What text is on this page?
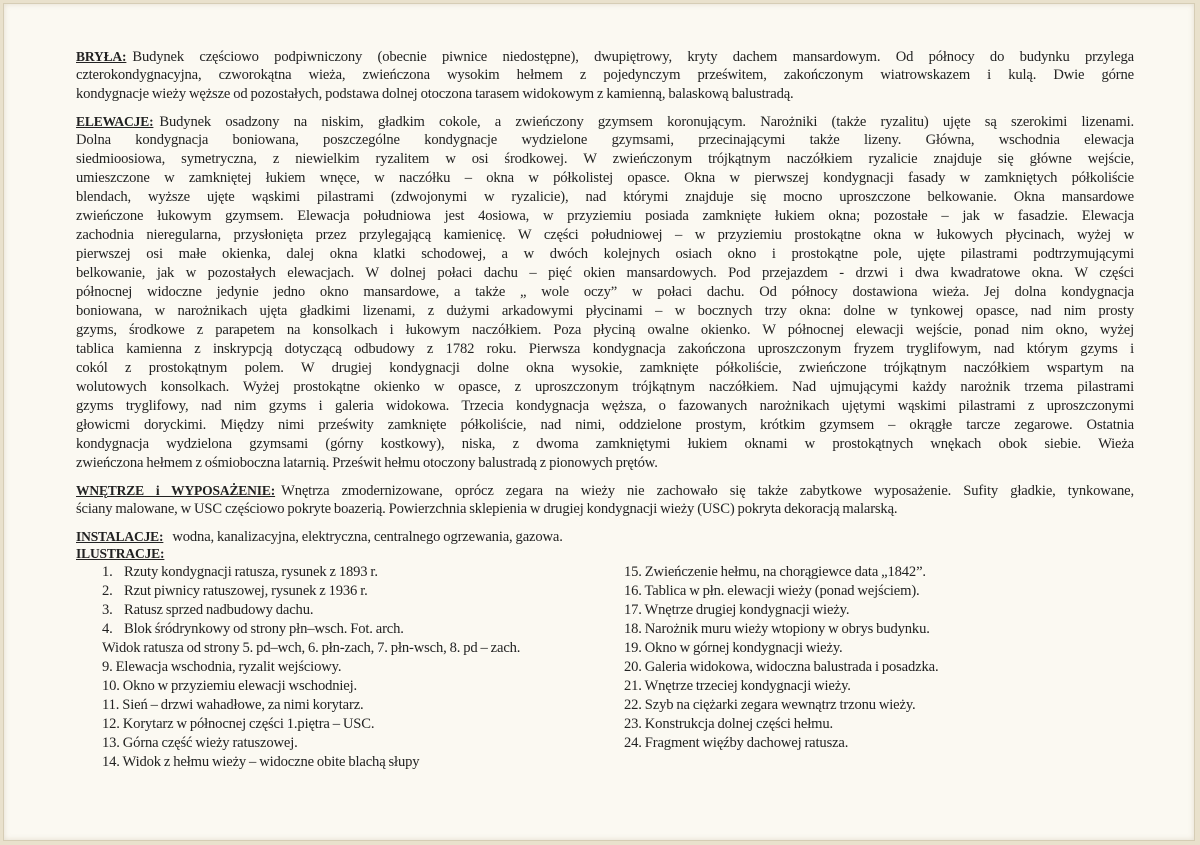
BRYŁA: Budynek częściowo podpiwniczony (obecnie piwnice niedostępne), dwupiętrowy, kryty dachem mansardowym. Od północy do budynku przylega
czterokondygnacyjna, czworokątna wieża, zwieńczona wysokim hełmem z pojedynczym prześwitem, zakończonym wiatrowskazem i kulą. Dwie górne
kondygnacje wieży węższe od pozostałych, podstawa dolnej otoczona tarasem widokowym z kamienną, balaskową balustradą.
ELEWACJE: Budynek osadzony na niskim, gładkim cokole, a zwieńczony gzymsem koronującym. Narożniki (także ryzalitu) ujęte są szerokimi lizenami.
Dolna kondygnacja boniowana, poszczególne kondygnacje wydzielone gzymsami, przecinającymi także lizeny. Główna, wschodnia elewacja
siedmioosiowa, symetryczna, z niewielkim ryzalitem w osi środkowej. W zwieńczonym trójkątnym naczółkiem ryzalicie znajduje się główne wejście,
umieszczone w zamkniętej łukiem wnęce, w naczółku – okna w półkolistej opasce. Okna w pierwszej kondygnacji fasady w zamkniętych półkoliście
blendach, wyższe ujęte wąskimi pilastrami (zdwojonymi w ryzalicie), nad którymi znajduje się mocno uproszczone belkowanie. Okna mansardowe
zwieńczone łukowym gzymsem. Elewacja południowa jest 4osiowa, w przyziemiu posiada zamknięte łukiem okna; pozostałe – jak w fasadzie. Elewacja
zachodnia nieregularna, przysłonięta przez przylegającą kamienicę. W części południowej – w przyziemiu prostokątne okna w łukowych płycinach, wyżej w
pierwszej osi małe okienka, dalej okna klatki schodowej, a w dwóch kolejnych osiach okno i prostokątne pole, ujęte pilastrami podtrzymującymi
belkowanie, jak w pozostałych elewacjach. W dolnej połaci dachu – pięć okien mansardowych. Pod przejazdem - drzwi i dwa kwadratowe okna. W części
północnej widoczne jedynie jedno okno mansardowe, a także „ wole oczy” w połaci dachu. Od północy dostawiona wieża. Jej dolna kondygnacja
boniowana, w narożnikach ujęta gładkimi lizenami, z dużymi arkadowymi płycinami – w bocznych trzy okna: dolne w tynkowej opasce, nad nim prosty
gzyms, środkowe z parapetem na konsolkach i łukowym naczółkiem. Poza płyciną owalne okienko. W północnej elewacji wejście, ponad nim okno, wyżej
tablica kamienna z inskrypcją dotyczącą odbudowy z 1782 roku. Pierwsza kondygnacja zakończona uproszczonym fryzem tryglifowym, nad którym gzyms i
cokól z prostokątnym polem. W drugiej kondygnacji dolne okna wysokie, zamknięte półkoliście, zwieńczone trójkątnym naczółkiem wspartym na
wolutowych konsolkach. Wyżej prostokątne okienko w opasce, z uproszczonym trójkątnym naczółkiem. Nad ujmującymi każdy narożnik trzema pilastrami
gzyms tryglifowy, nad nim gzyms i galeria widokowa. Trzecia kondygnacja węższa, o fazowanych narożnikach ujętymi wąskimi pilastrami z uproszczonymi
głowicmi doryckimi. Między nimi prześwity zamknięte półkoliście, nad nimi, oddzielone prostym, krótkim gzymsem – okrągłe tarcze zegarowe. Ostatnia
kondygnacja wydzielona gzymsami (górny kostkowy), niska, z dwoma zamkniętymi łukiem oknami w prostokątnych wnękach obok siebie. Wieża
zwieńczona hełmem z ośmioboczna latarnią. Prześwit hełmu otoczony balustradą z pionowych prętów.
WNĘTRZE i WYPOSAŻENIE: Wnętrza zmodernizowane, oprócz zegara na wieży nie zachowało się także zabytkowe wyposażenie. Sufity gładkie, tynkowane,
ściany malowane, w USC częściowo pokryte boazerią. Powierzchnia sklepienia w drugiej kondygnacji wieży (USC) pokryta dekoracją malarską.
INSTALACJE: wodna, kanalizacyjna, elektryczna, centralnego ogrzewania, gazowa.
ILUSTRACJE:
1. Rzuty kondygnacji ratusza, rysunek z 1893 r.
2. Rzut piwnicy ratuszowej, rysunek z 1936 r.
3. Ratusz sprzed nadbudowy dachu.
4. Blok śródrynkowy od strony płn–wsch. Fot. arch.
Widok ratusza od strony 5. pd–wch, 6. płn-zach, 7. płn-wsch, 8. pd – zach.
9. Elewacja wschodnia, ryzalit wejściowy.
10. Okno w przyziemiu elewacji wschodniej.
11. Sień – drzwi wahadłowe, za nimi korytarz.
12. Korytarz w północnej części 1.piętra – USC.
13. Górna część wieży ratuszowej.
14. Widok z hełmu wieży – widoczne obite blachą słupy
15. Zwieńczenie hełmu, na chorągiewce data „1842”.
16. Tablica w płn. elewacji wieży (ponad wejściem).
17. Wnętrze drugiej kondygnacji wieży.
18. Narożnik muru wieży wtopiony w obrys budynku.
19. Okno w górnej kondygnacji wieży.
20. Galeria widokowa, widoczna balustrada i posadzka.
21. Wnętrze trzeciej kondygnacji wieży.
22. Szyb na ciężarki zegara wewnątrz trzonu wieży.
23. Konstrukcja dolnej części hełmu.
24. Fragment więźby dachowej ratusza.
